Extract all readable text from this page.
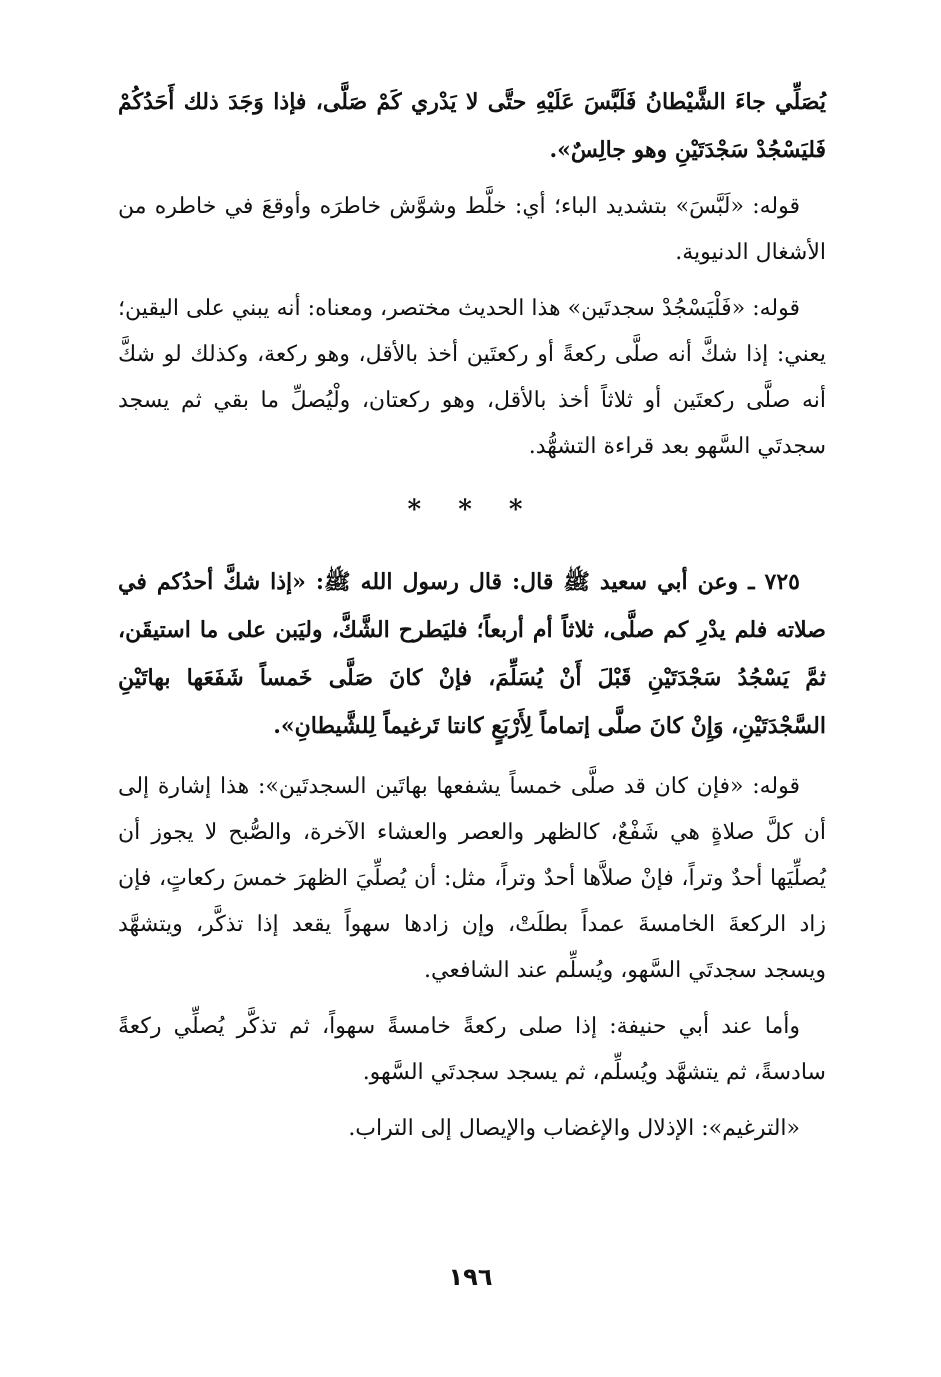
يُصَلِّي جاءَ الشَّيْطانُ فَلَبَّسَ عَلَيْهِ حتَّى لا يَدْري كَمْ صَلَّى، فإذا وَجَدَ ذلك أَحَدُكُمْ فَليَسْجُدْ سَجْدَتَيْنِ وهو جالِسٌ».

قوله: «لَبَّسَ» بتشديد الباء؛ أي: خلَّط وشوَّش خاطرَه وأوقعَ في خاطره من الأشغال الدنيوية.

قوله: «فَلْيَسْجُدْ سجدتَين» هذا الحديث مختصر، ومعناه: أنه يبني على اليقين؛ يعني: إذا شكَّ أنه صلَّى ركعةً أو ركعتَين أخذ بالأقل، وهو ركعة، وكذلك لو شكَّ أنه صلَّى ركعتَين أو ثلاثاً أخذ بالأقل، وهو ركعتان، ولْيُصلِّ ما بقي ثم يسجد سجدتَي السَّهو بعد قراءة التشهُّد.

* * *

٧٢٥ ـ وعن أبي سعيد ﷺ قال: قال رسول الله ﷺ: «إذا شكَّ أحدُكم في صلاته فلم يدْرِ كم صلَّى، ثلاثاً أم أربعاً؛ فليَطرح الشَّكَّ، وليَبن على ما استيقَن، ثمَّ يَسْجُدُ سَجْدَتَيْنِ قَبْلَ أَنْ يُسَلِّمَ، فإنْ كانَ صَلَّى خَمساً شَفَعَها بهاتَيْنِ السَّجْدَتَيْنِ، وَإِنْ كانَ صلَّى إتماماً لِأَرْبَعٍ كانتا تَرغيماً لِلشَّيطانِ».

قوله: «فإن كان قد صلَّى خمساً يشفعها بهاتَين السجدتَين»: هذا إشارة إلى أن كلَّ صلاةٍ هي شَفْعٌ، كالظهر والعصر والعشاء الآخرة، والصُّبح لا يجوز أن يُصلِّيَها أحدٌ وتراً، فإنْ صلاَّها أحدٌ وتراً، مثل: أن يُصلِّيَ الظهرَ خمسَ ركعاتٍ، فإن زاد الركعةَ الخامسةَ عمداً بطلَتْ، وإن زادها سهواً يقعد إذا تذكَّر، ويتشهَّد ويسجد سجدتَي السَّهو، ويُسلِّم عند الشافعي.

وأما عند أبي حنيفة: إذا صلى ركعةً خامسةً سهواً، ثم تذكَّر يُصلِّي ركعةً سادسةً، ثم يتشهَّد ويُسلِّم، ثم يسجد سجدتَي السَّهو.

«الترغيم»: الإذلال والإغضاب والإيصال إلى التراب.

١٩٦
